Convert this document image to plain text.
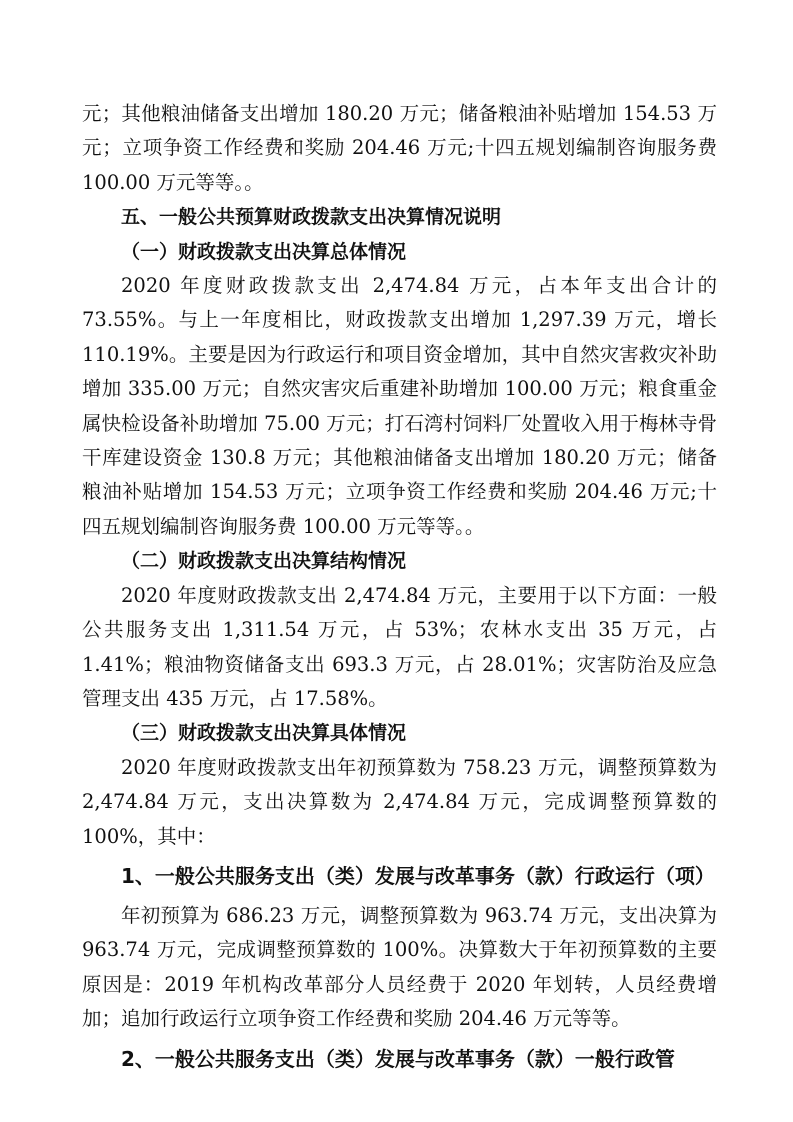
元；其他粮油储备支出增加 180.20 万元；储备粮油补贴增加 154.53 万元；立项争资工作经费和奖励 204.46 万元;十四五规划编制咨询服务费 100.00 万元等等。。

五、一般公共预算财政拨款支出决算情况说明

（一）财政拨款支出决算总体情况

2020 年度财政拨款支出 2,474.84 万元，占本年支出合计的 73.55%。与上一年度相比，财政拨款支出增加 1,297.39 万元，增长 110.19%。主要是因为行政运行和项目资金增加，其中自然灾害救灾补助增加 335.00 万元；自然灾害灾后重建补助增加 100.00 万元；粮食重金属快检设备补助增加 75.00 万元；打石湾村饲料厂处置收入用于梅林寺骨干库建设资金 130.8 万元；其他粮油储备支出增加 180.20 万元；储备粮油补贴增加 154.53 万元；立项争资工作经费和奖励 204.46 万元;十四五规划编制咨询服务费 100.00 万元等等。。

（二）财政拨款支出决算结构情况

2020 年度财政拨款支出 2,474.84 万元，主要用于以下方面：一般公共服务支出 1,311.54 万元，占 53%；农林水支出 35 万元，占 1.41%；粮油物资储备支出 693.3 万元，占 28.01%；灾害防治及应急管理支出 435 万元，占 17.58%。

（三）财政拨款支出决算具体情况

2020 年度财政拨款支出年初预算数为 758.23 万元，调整预算数为 2,474.84 万元，支出决算数为 2,474.84 万元，完成调整预算数的 100%，其中：

1、一般公共服务支出（类）发展与改革事务（款）行政运行（项）

年初预算为 686.23 万元，调整预算数为 963.74 万元，支出决算为 963.74 万元，完成调整预算数的 100%。决算数大于年初预算数的主要原因是：2019 年机构改革部分人员经费于 2020 年划转，人员经费增加；追加行政运行立项争资工作经费和奖励 204.46 万元等等。

2、一般公共服务支出（类）发展与改革事务（款）一般行政管
